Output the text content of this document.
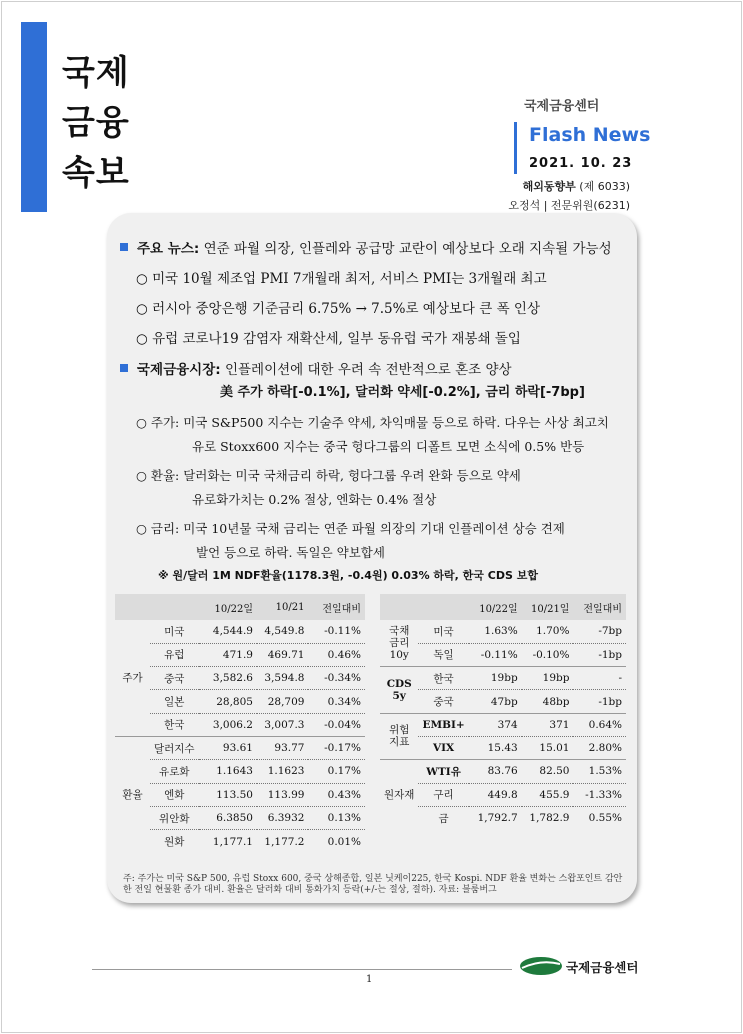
국제
금융
속보
국제금융센터
Flash News
2021. 10. 23
해외동향부 (제 6033)
오정석 | 전문위원(6231)
주요 뉴스: 연준 파월 의장, 인플레와 공급망 교란이 예상보다 오래 지속될 가능성
○ 미국 10월 제조업 PMI 7개월래 최저, 서비스 PMI는 3개월래 최고
○ 러시아 중앙은행 기준금리 6.75% → 7.5%로 예상보다 큰 폭 인상
○ 유럽 코로나19 감염자 재확산세, 일부 동유럽 국가 재봉쇄 돌입
국제금융시장: 인플레이션에 대한 우려 속 전반적으로 혼조 양상
美 주가 하락[-0.1%], 달러화 약세[-0.2%], 금리 하락[-7bp]
○ 주가: 미국 S&P500 지수는 기술주 약세, 차익매물 등으로 하락. 다우는 사상 최고치
유로 Stoxx600 지수는 중국 헝다그룹의 디폴트 모면 소식에 0.5% 반등
○ 환율: 달러화는 미국 국채금리 하락, 헝다그룹 우려 완화 등으로 약세
유로화가치는 0.2% 절상, 엔화는 0.4% 절상
○ 금리: 미국 10년물 국채 금리는 연준 파월 의장의 기대 인플레이션 상승 견제
발언 등으로 하락. 독일은 약보합세
※ 원/달러 1M NDF환율(1178.3원, -0.4원) 0.03% 하락, 한국 CDS 보합
		10/22일	10/21	전일대비
주가	미국	4,544.9	4,549.8	-0.11%
	유럽	471.9	469.71	0.46%
	중국	3,582.6	3,594.8	-0.34%
	일본	28,805	28,709	0.34%
	한국	3,006.2	3,007.3	-0.04%
환율	달러지수	93.61	93.77	-0.17%
	유로화	1.1643	1.1623	0.17%
	엔화	113.50	113.99	0.43%
	위안화	6.3850	6.3932	0.13%
	원화	1,177.1	1,177.2	0.01%
		10/22일	10/21일	전일대비

국채
금리
10y	미국	1.63%	1.70%	-7bp
	독일	-0.11%	-0.10%	-1bp

CDS
5y	한국	19bp	19bp	-
	중국	47bp	48bp	-1bp

위험
지표	EMBI+	374	371	0.64%
	VIX	15.43	15.01	2.80%

원자재	WTI유	83.76	82.50	1.53%
	구리	449.8	455.9	-1.33%
	금	1,792.7	1,782.9	0.55%
주: 주가는 미국 S&P 500, 유럽 Stoxx 600, 중국 상해종합, 일본 닛케이225, 한국 Kospi. NDF 환율 변화는 스왑포인트 감안한 전일 현물환 종가 대비. 환율은 달러화 대비 통화가치 등락(+/-는 절상, 절하). 자료: 블룸버그
국제금융센터
1
